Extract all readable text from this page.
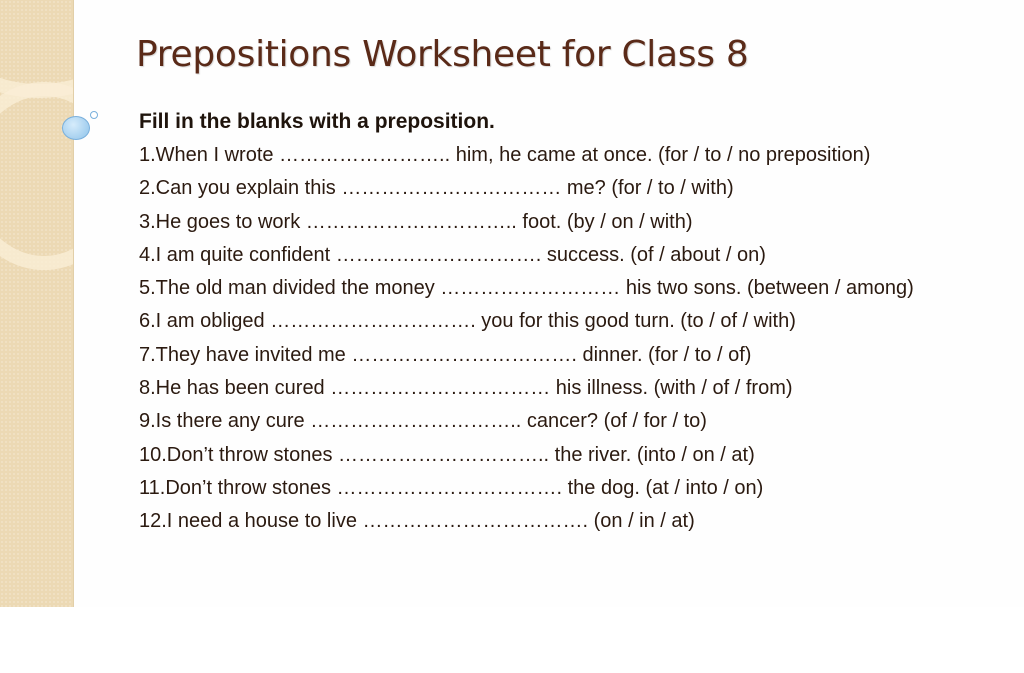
Prepositions Worksheet for Class 8
Fill in the blanks with a preposition.
1.When I wrote …………………….. him, he came at once. (for / to / no preposition)
2.Can you explain this …………………………… me? (for / to / with)
3.He goes to work ………………………….. foot. (by / on / with)
4.I am quite confident …………………………. success. (of / about / on)
5.The old man divided the money ……………………… his two sons. (between / among)
6.I am obliged …………………………. you for this good turn. (to / of / with)
7.They have invited me ……………………………. dinner. (for / to / of)
8.He has been cured …………………………… his illness. (with / of / from)
9.Is there any cure ………………………….. cancer? (of / for / to)
10.Don’t throw stones ………………………….. the river. (into / on / at)
11.Don’t throw stones ……………………………. the dog. (at / into / on)
12.I need a house to live ……………………………. (on / in / at)
